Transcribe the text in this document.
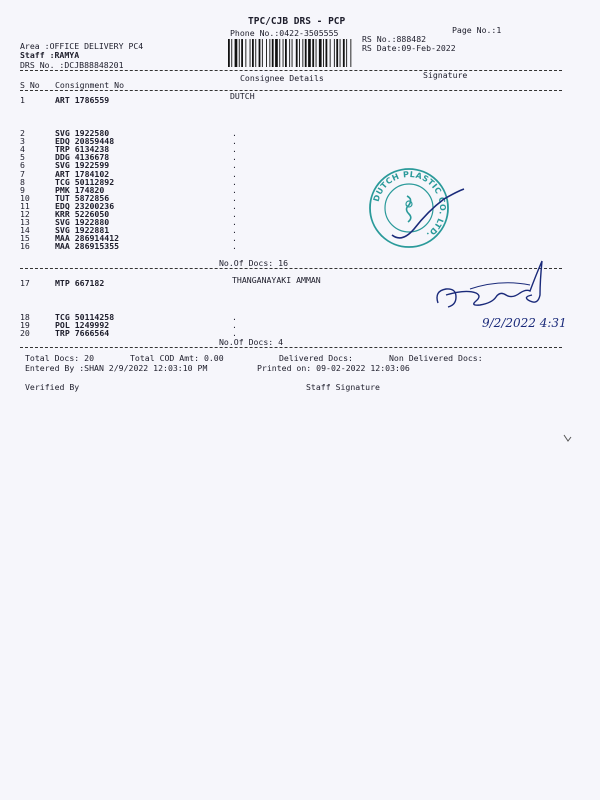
TPC/CJB DRS - PCP
Phone No.:0422-3505555	Page No.:1
Area :OFFICE DELIVERY PC4
Staff :RAMYA
DRS No. :DCJB88848201
RS No.:888482
RS Date:09-Feb-2022
Consignee Details	Signature
S No Consignment No
1	ART 1786559	DUTCH
2	SVG 1922580	.
3	EDQ 20859448	.
4	TRP 6134238	.
5	DDG 4136678	.
6	SVG 1922599	.
7	ART 1784102	.
8	TCG 50112892	.
9	PMK 174820	.
10	TUT 5872856	.
11	EDQ 23200236	.
12	KRR 5226050	.
13	SVG 1922880	.
14	SVG 1922881	.
15	MAA 286914412	.
16	MAA 286915355	.
No.Of Docs: 16
17	MTP 667182	THANGANAYAKI AMMAN
18	TCG 50114258	.
19	POL 1249992	.
20	TRP 7666564	.
No.Of Docs: 4
Total Docs: 20	Total COD Amt: 0.00	Delivered Docs:	Non Delivered Docs:
Entered By :SHAN 2/9/2022 12:03:10 PM	Printed on: 09-02-2022 12:03:06
Verified By	Staff Signature
DUTCH PLASTIC CO. LTD.
9/2/2022 4:31
